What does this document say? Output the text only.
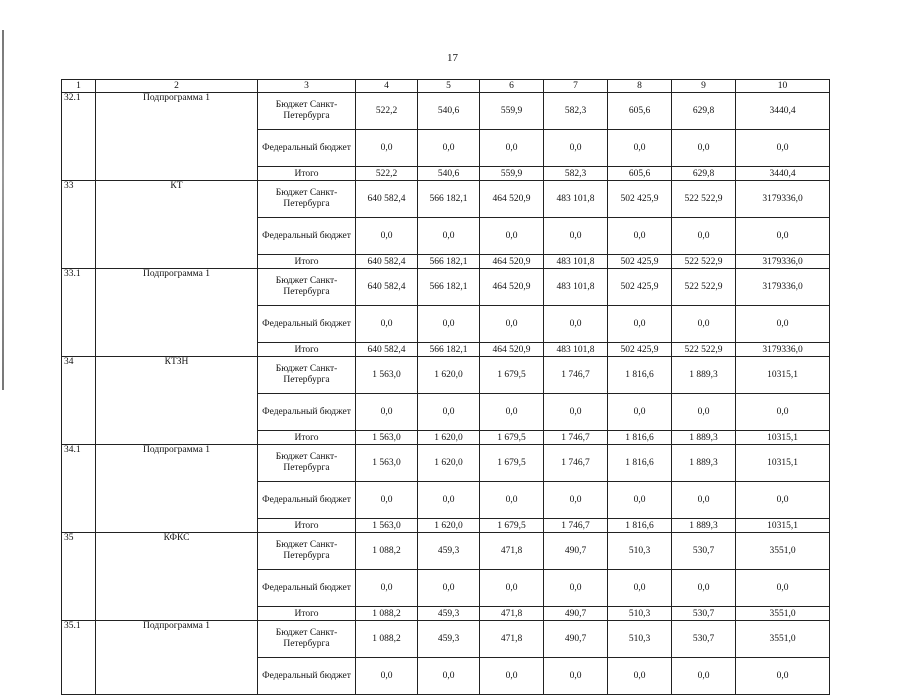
17
1	2	3	4	5	6	7	8	9	10
32.1	Подпрограмма 1	Бюджет Санкт-Петербурга	522,2	540,6	559,9	582,3	605,6	629,8	3440,4
		Федеральный бюджет	0,0	0,0	0,0	0,0	0,0	0,0	0,0
		Итого	522,2	540,6	559,9	582,3	605,6	629,8	3440,4
33	КТ	Бюджет Санкт-Петербурга	640 582,4	566 182,1	464 520,9	483 101,8	502 425,9	522 522,9	3179336,0
		Федеральный бюджет	0,0	0,0	0,0	0,0	0,0	0,0	0,0
		Итого	640 582,4	566 182,1	464 520,9	483 101,8	502 425,9	522 522,9	3179336,0
33.1	Подпрограмма 1	Бюджет Санкт-Петербурга	640 582,4	566 182,1	464 520,9	483 101,8	502 425,9	522 522,9	3179336,0
		Федеральный бюджет	0,0	0,0	0,0	0,0	0,0	0,0	0,0
		Итого	640 582,4	566 182,1	464 520,9	483 101,8	502 425,9	522 522,9	3179336,0
34	КТЗН	Бюджет Санкт-Петербурга	1 563,0	1 620,0	1 679,5	1 746,7	1 816,6	1 889,3	10315,1
		Федеральный бюджет	0,0	0,0	0,0	0,0	0,0	0,0	0,0
		Итого	1 563,0	1 620,0	1 679,5	1 746,7	1 816,6	1 889,3	10315,1
34.1	Подпрограмма 1	Бюджет Санкт-Петербурга	1 563,0	1 620,0	1 679,5	1 746,7	1 816,6	1 889,3	10315,1
		Федеральный бюджет	0,0	0,0	0,0	0,0	0,0	0,0	0,0
		Итого	1 563,0	1 620,0	1 679,5	1 746,7	1 816,6	1 889,3	10315,1
35	КФКС	Бюджет Санкт-Петербурга	1 088,2	459,3	471,8	490,7	510,3	530,7	3551,0
		Федеральный бюджет	0,0	0,0	0,0	0,0	0,0	0,0	0,0
		Итого	1 088,2	459,3	471,8	490,7	510,3	530,7	3551,0
35.1	Подпрограмма 1	Бюджет Санкт-Петербурга	1 088,2	459,3	471,8	490,7	510,3	530,7	3551,0
		Федеральный бюджет	0,0	0,0	0,0	0,0	0,0	0,0	0,0
